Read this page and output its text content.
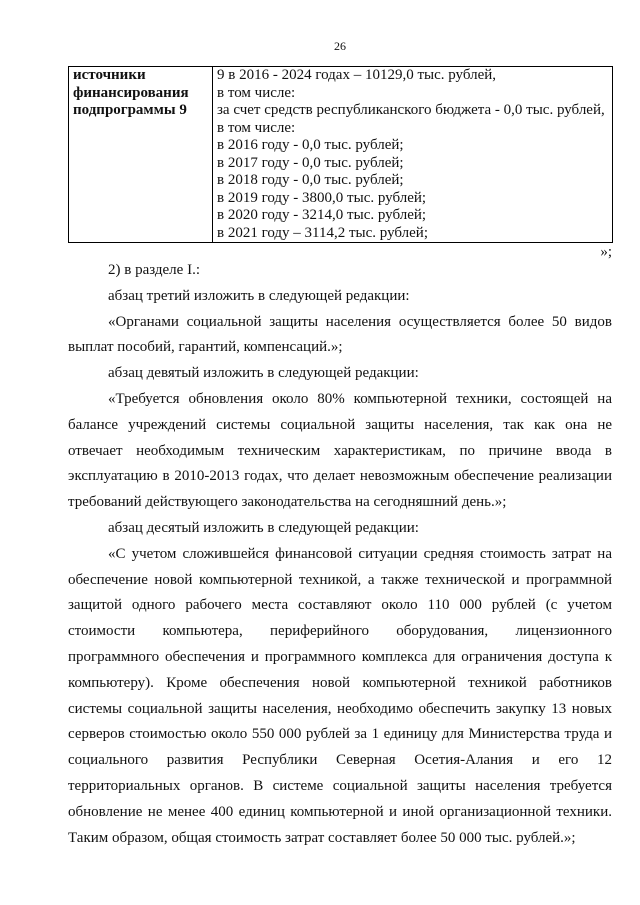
26
источники
финансирования
подпрограммы 9
9 в 2016 - 2024 годах – 10129,0 тыс. рублей,
в том числе:
за счет средств республиканского бюджета - 0,0 тыс. рублей,
в том числе:
в 2016 году - 0,0 тыс. рублей;
в 2017 году - 0,0 тыс. рублей;
в 2018 году - 0,0 тыс. рублей;
в 2019 году - 3800,0 тыс. рублей;
в 2020 году - 3214,0 тыс. рублей;
в 2021 году – 3114,2 тыс. рублей;
»;
2) в разделе I.:
абзац третий изложить в следующей редакции:
«Органами социальной защиты населения осуществляется более 50 видов
выплат пособий, гарантий, компенсаций.»;
абзац девятый изложить в следующей редакции:
«Требуется обновления около 80% компьютерной техники, состоящей на
балансе учреждений системы социальной защиты населения, так как она не
отвечает необходимым техническим характеристикам, по причине ввода в
эксплуатацию в 2010-2013 годах, что делает невозможным обеспечение реализации
требований действующего законодательства на сегодняшний день.»;
абзац десятый изложить в следующей редакции:
«С учетом сложившейся финансовой ситуации средняя стоимость затрат на
обеспечение новой компьютерной техникой, а также технической и программной
защитой одного рабочего места составляют около 110 000 рублей (с учетом
стоимости компьютера, периферийного оборудования, лицензионного
программного обеспечения и программного комплекса для ограничения доступа к
компьютеру). Кроме обеспечения новой компьютерной техникой работников
системы социальной защиты населения, необходимо обеспечить закупку 13 новых
серверов стоимостью около 550 000 рублей за 1 единицу для Министерства труда и
социального развития Республики Северная Осетия-Алания и его 12
территориальных органов. В системе социальной защиты населения требуется
обновление не менее 400 единиц компьютерной и иной организационной техники.
Таким образом, общая стоимость затрат составляет более 50 000 тыс. рублей.»;
